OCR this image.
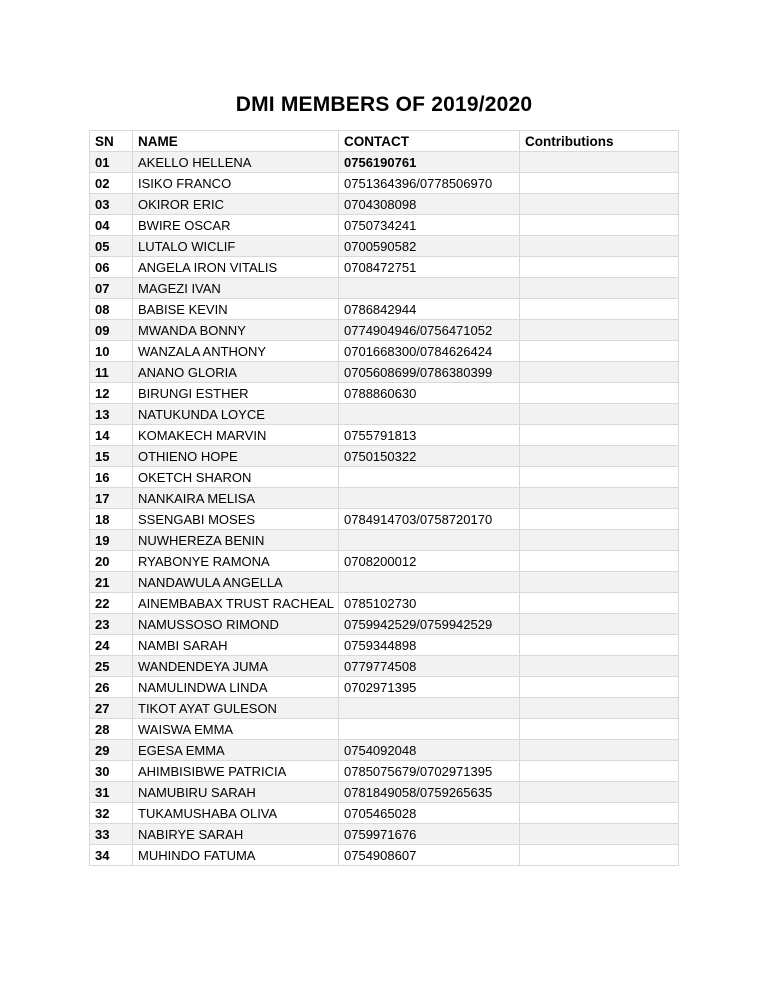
DMI MEMBERS OF 2019/2020
SN	NAME	CONTACT	Contributions
01	AKELLO HELLENA	0756190761	
02	ISIKO FRANCO	0751364396/0778506970	
03	OKIROR ERIC	0704308098	
04	BWIRE OSCAR	0750734241	
05	LUTALO WICLIF	0700590582	
06	ANGELA IRON VITALIS	0708472751	
07	MAGEZI IVAN		
08	BABISE KEVIN	0786842944	
09	MWANDA BONNY	0774904946/0756471052	
10	WANZALA ANTHONY	0701668300/0784626424	
11	ANANO GLORIA	0705608699/0786380399	
12	BIRUNGI ESTHER	0788860630	
13	NATUKUNDA LOYCE		
14	KOMAKECH MARVIN	0755791813	
15	OTHIENO HOPE	0750150322	
16	OKETCH SHARON		
17	NANKAIRA MELISA		
18	SSENGABI MOSES	0784914703/0758720170	
19	NUWHEREZA BENIN		
20	RYABONYE RAMONA	0708200012	
21	NANDAWULA ANGELLA		
22	AINEMBABAX TRUST RACHEAL	0785102730	
23	NAMUSSOSO RIMOND	0759942529/0759942529	
24	NAMBI SARAH	0759344898	
25	WANDENDEYA JUMA	0779774508	
26	NAMULINDWA LINDA	0702971395	
27	TIKOT AYAT GULESON		
28	WAISWA EMMA		
29	EGESA EMMA	0754092048	
30	AHIMBISIBWE PATRICIA	0785075679/0702971395	
31	NAMUBIRU SARAH	0781849058/0759265635	
32	TUKAMUSHABA OLIVA	0705465028	
33	NABIRYE SARAH	0759971676	
34	MUHINDO FATUMA	0754908607	
